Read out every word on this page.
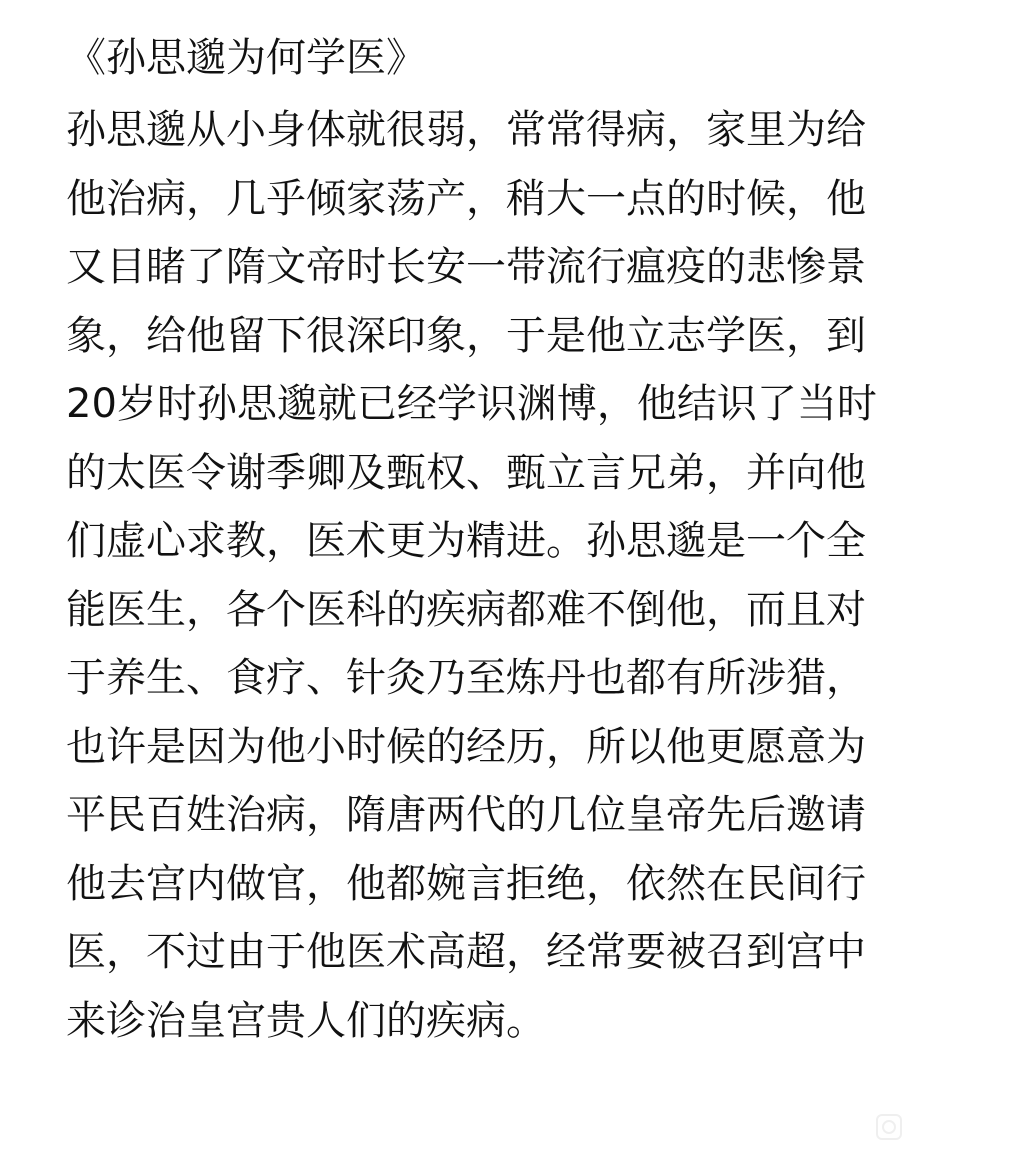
《孙思邈为何学医》
孙思邈从小身体就很弱，常常得病，家里为给
他治病，几乎倾家荡产，稍大一点的时候，他
又目睹了隋文帝时长安一带流行瘟疫的悲惨景
象，给他留下很深印象，于是他立志学医，到
20岁时孙思邈就已经学识渊博，他结识了当时
的太医令谢季卿及甄权、甄立言兄弟，并向他
们虚心求教，医术更为精进。孙思邈是一个全
能医生，各个医科的疾病都难不倒他，而且对
于养生、食疗、针灸乃至炼丹也都有所涉猎，
也许是因为他小时候的经历，所以他更愿意为
平民百姓治病，隋唐两代的几位皇帝先后邀请
他去宫内做官，他都婉言拒绝，依然在民间行
医，不过由于他医术高超，经常要被召到宫中
来诊治皇宫贵人们的疾病。
